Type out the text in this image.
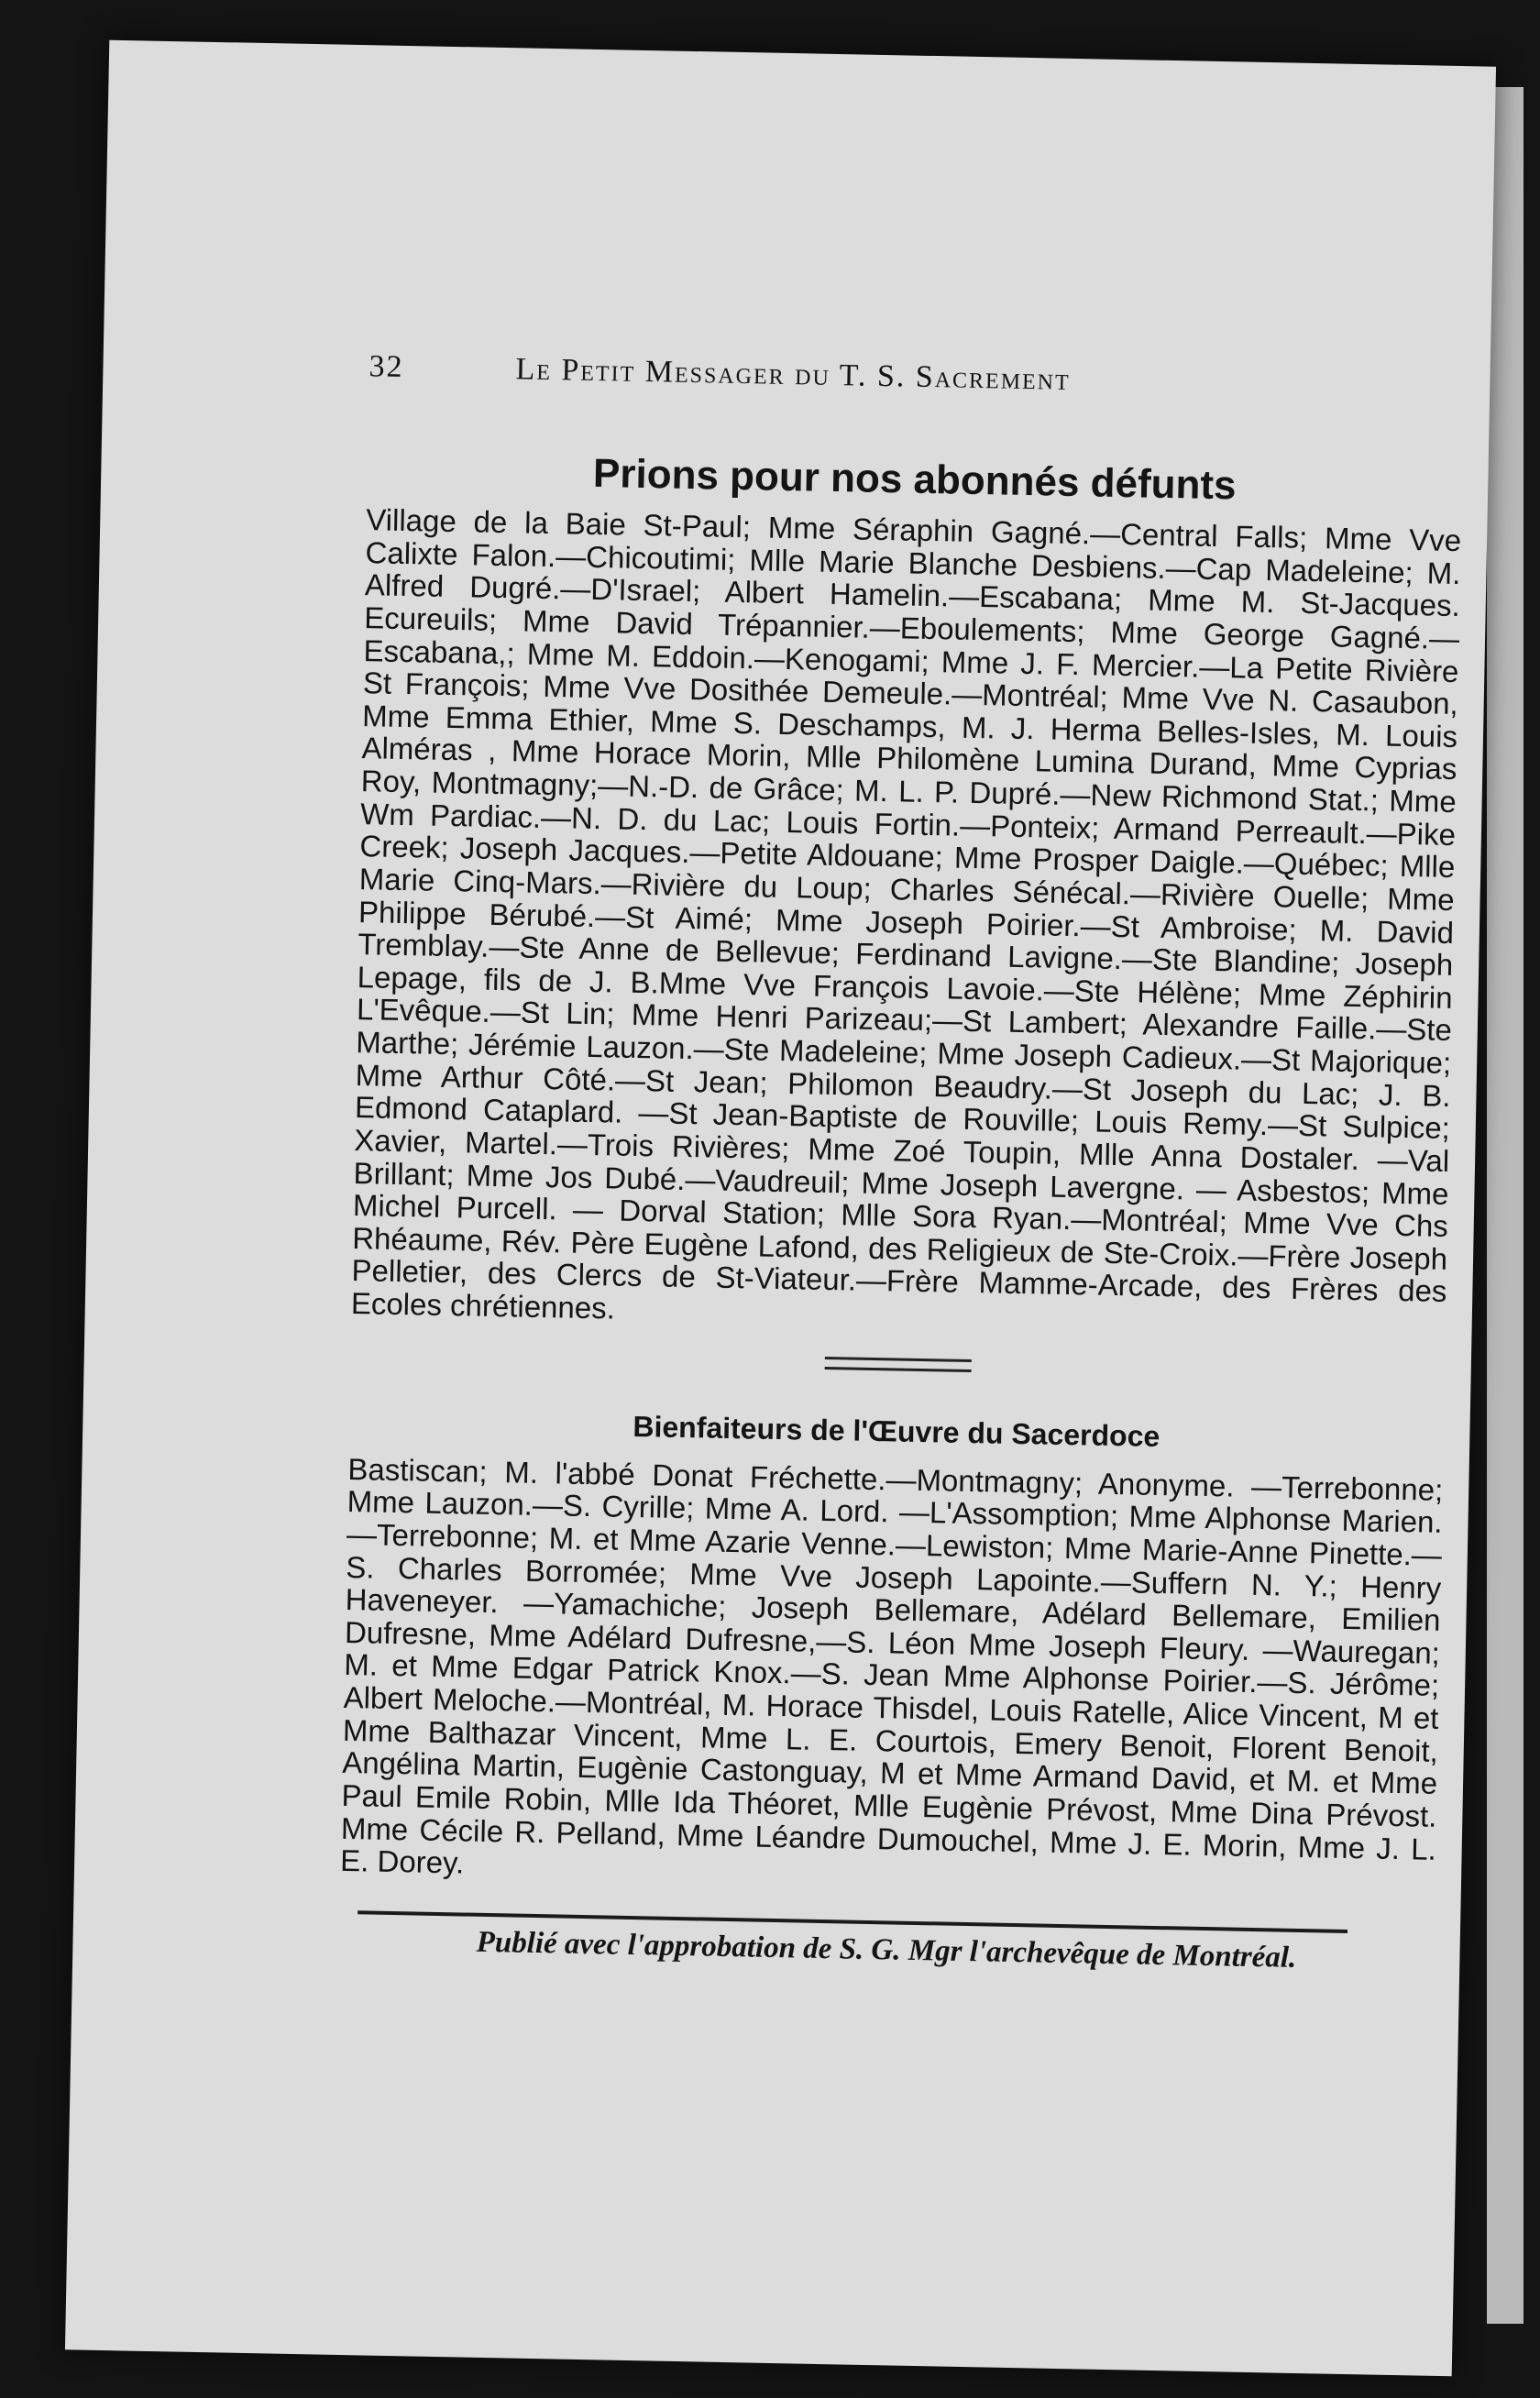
32	Le Petit Messager du T. S. Sacrement
Prions pour nos abonnés défunts

Village de la Baie St-Paul; Mme Séraphin Gagné.—Central Falls; Mme Vve Calixte Falon.—Chicoutimi; Mlle Marie Blanche Desbiens.—Cap Madeleine; M. Alfred Dugré.—D'Israel; Albert Hamelin.—Escabana; Mme M. St-Jacques. Ecureuils; Mme David Trépannier.—Eboulements; Mme George Gagné.—Escabana,; Mme M. Eddoin.—Kenogami; Mme J. F. Mercier.—La Petite Rivière St François; Mme Vve Dosithée Demeule.—Montréal; Mme Vve N. Casaubon, Mme Emma Ethier, Mme S. Deschamps, M. J. Herma Belles-Isles, M. Louis Alméras , Mme Horace Morin, Mlle Philomène Lumina Durand, Mme Cyprias Roy, Montmagny;—N.-D. de Grâce; M. L. P. Dupré.—New Richmond Stat.; Mme Wm Pardiac.—N. D. du Lac; Louis Fortin.—Ponteix; Armand Perreault.—Pike Creek; Joseph Jacques.—Petite Aldouane; Mme Prosper Daigle.—Québec; Mlle Marie Cinq-Mars.—Rivière du Loup; Charles Sénécal.—Rivière Ouelle; Mme Philippe Bérubé.—St Aimé; Mme Joseph Poirier.—St Ambroise; M. David Tremblay.—Ste Anne de Bellevue; Ferdinand Lavigne.—Ste Blandine; Joseph Lepage, fils de J. B.Mme Vve François Lavoie.—Ste Hélène; Mme Zéphirin L'Evêque.—St Lin; Mme Henri Parizeau;—St Lambert; Alexandre Faille.—Ste Marthe; Jérémie Lauzon.—Ste Madeleine; Mme Joseph Cadieux.—St Majorique; Mme Arthur Côté.—St Jean; Philomon Beaudry.—St Joseph du Lac; J. B. Edmond Cataplard. —St Jean-Baptiste de Rouville; Louis Remy.—St Sulpice; Xavier, Martel.—Trois Rivières; Mme Zoé Toupin, Mlle Anna Dostaler. —Val Brillant; Mme Jos Dubé.—Vaudreuil; Mme Joseph Lavergne. — Asbestos; Mme Michel Purcell. — Dorval Station; Mlle Sora Ryan.—Montréal; Mme Vve Chs Rhéaume, Rév. Père Eugène Lafond, des Religieux de Ste-Croix.—Frère Joseph Pelletier, des Clercs de St-Viateur.—Frère Mamme-Arcade, des Frères des Ecoles chrétiennes.

Bienfaiteurs de l'Œuvre du Sacerdoce

Bastiscan; M. l'abbé Donat Fréchette.—Montmagny; Anonyme. —Terrebonne; Mme Lauzon.—S. Cyrille; Mme A. Lord. —L'Assomption; Mme Alphonse Marien.—Terrebonne; M. et Mme Azarie Venne.—Lewiston; Mme Marie-Anne Pinette.—S. Charles Borromée; Mme Vve Joseph Lapointe.—Suffern N. Y.; Henry Haveneyer. —Yamachiche; Joseph Bellemare, Adélard Bellemare, Emilien Dufresne, Mme Adélard Dufresne,—S. Léon Mme Joseph Fleury. —Wauregan; M. et Mme Edgar Patrick Knox.—S. Jean Mme Alphonse Poirier.—S. Jérôme; Albert Meloche.—Montréal, M. Horace Thisdel, Louis Ratelle, Alice Vincent, M et Mme Balthazar Vincent, Mme L. E. Courtois, Emery Benoit, Florent Benoit, Angélina Martin, Eugènie Castonguay, M et Mme Armand David, et M. et Mme Paul Emile Robin, Mlle Ida Théoret, Mlle Eugènie Prévost, Mme Dina Prévost. Mme Cécile R. Pelland, Mme Léandre Dumouchel, Mme J. E. Morin, Mme J. L. E. Dorey.

Publié avec l'approbation de S. G. Mgr l'archevêque de Montréal.
